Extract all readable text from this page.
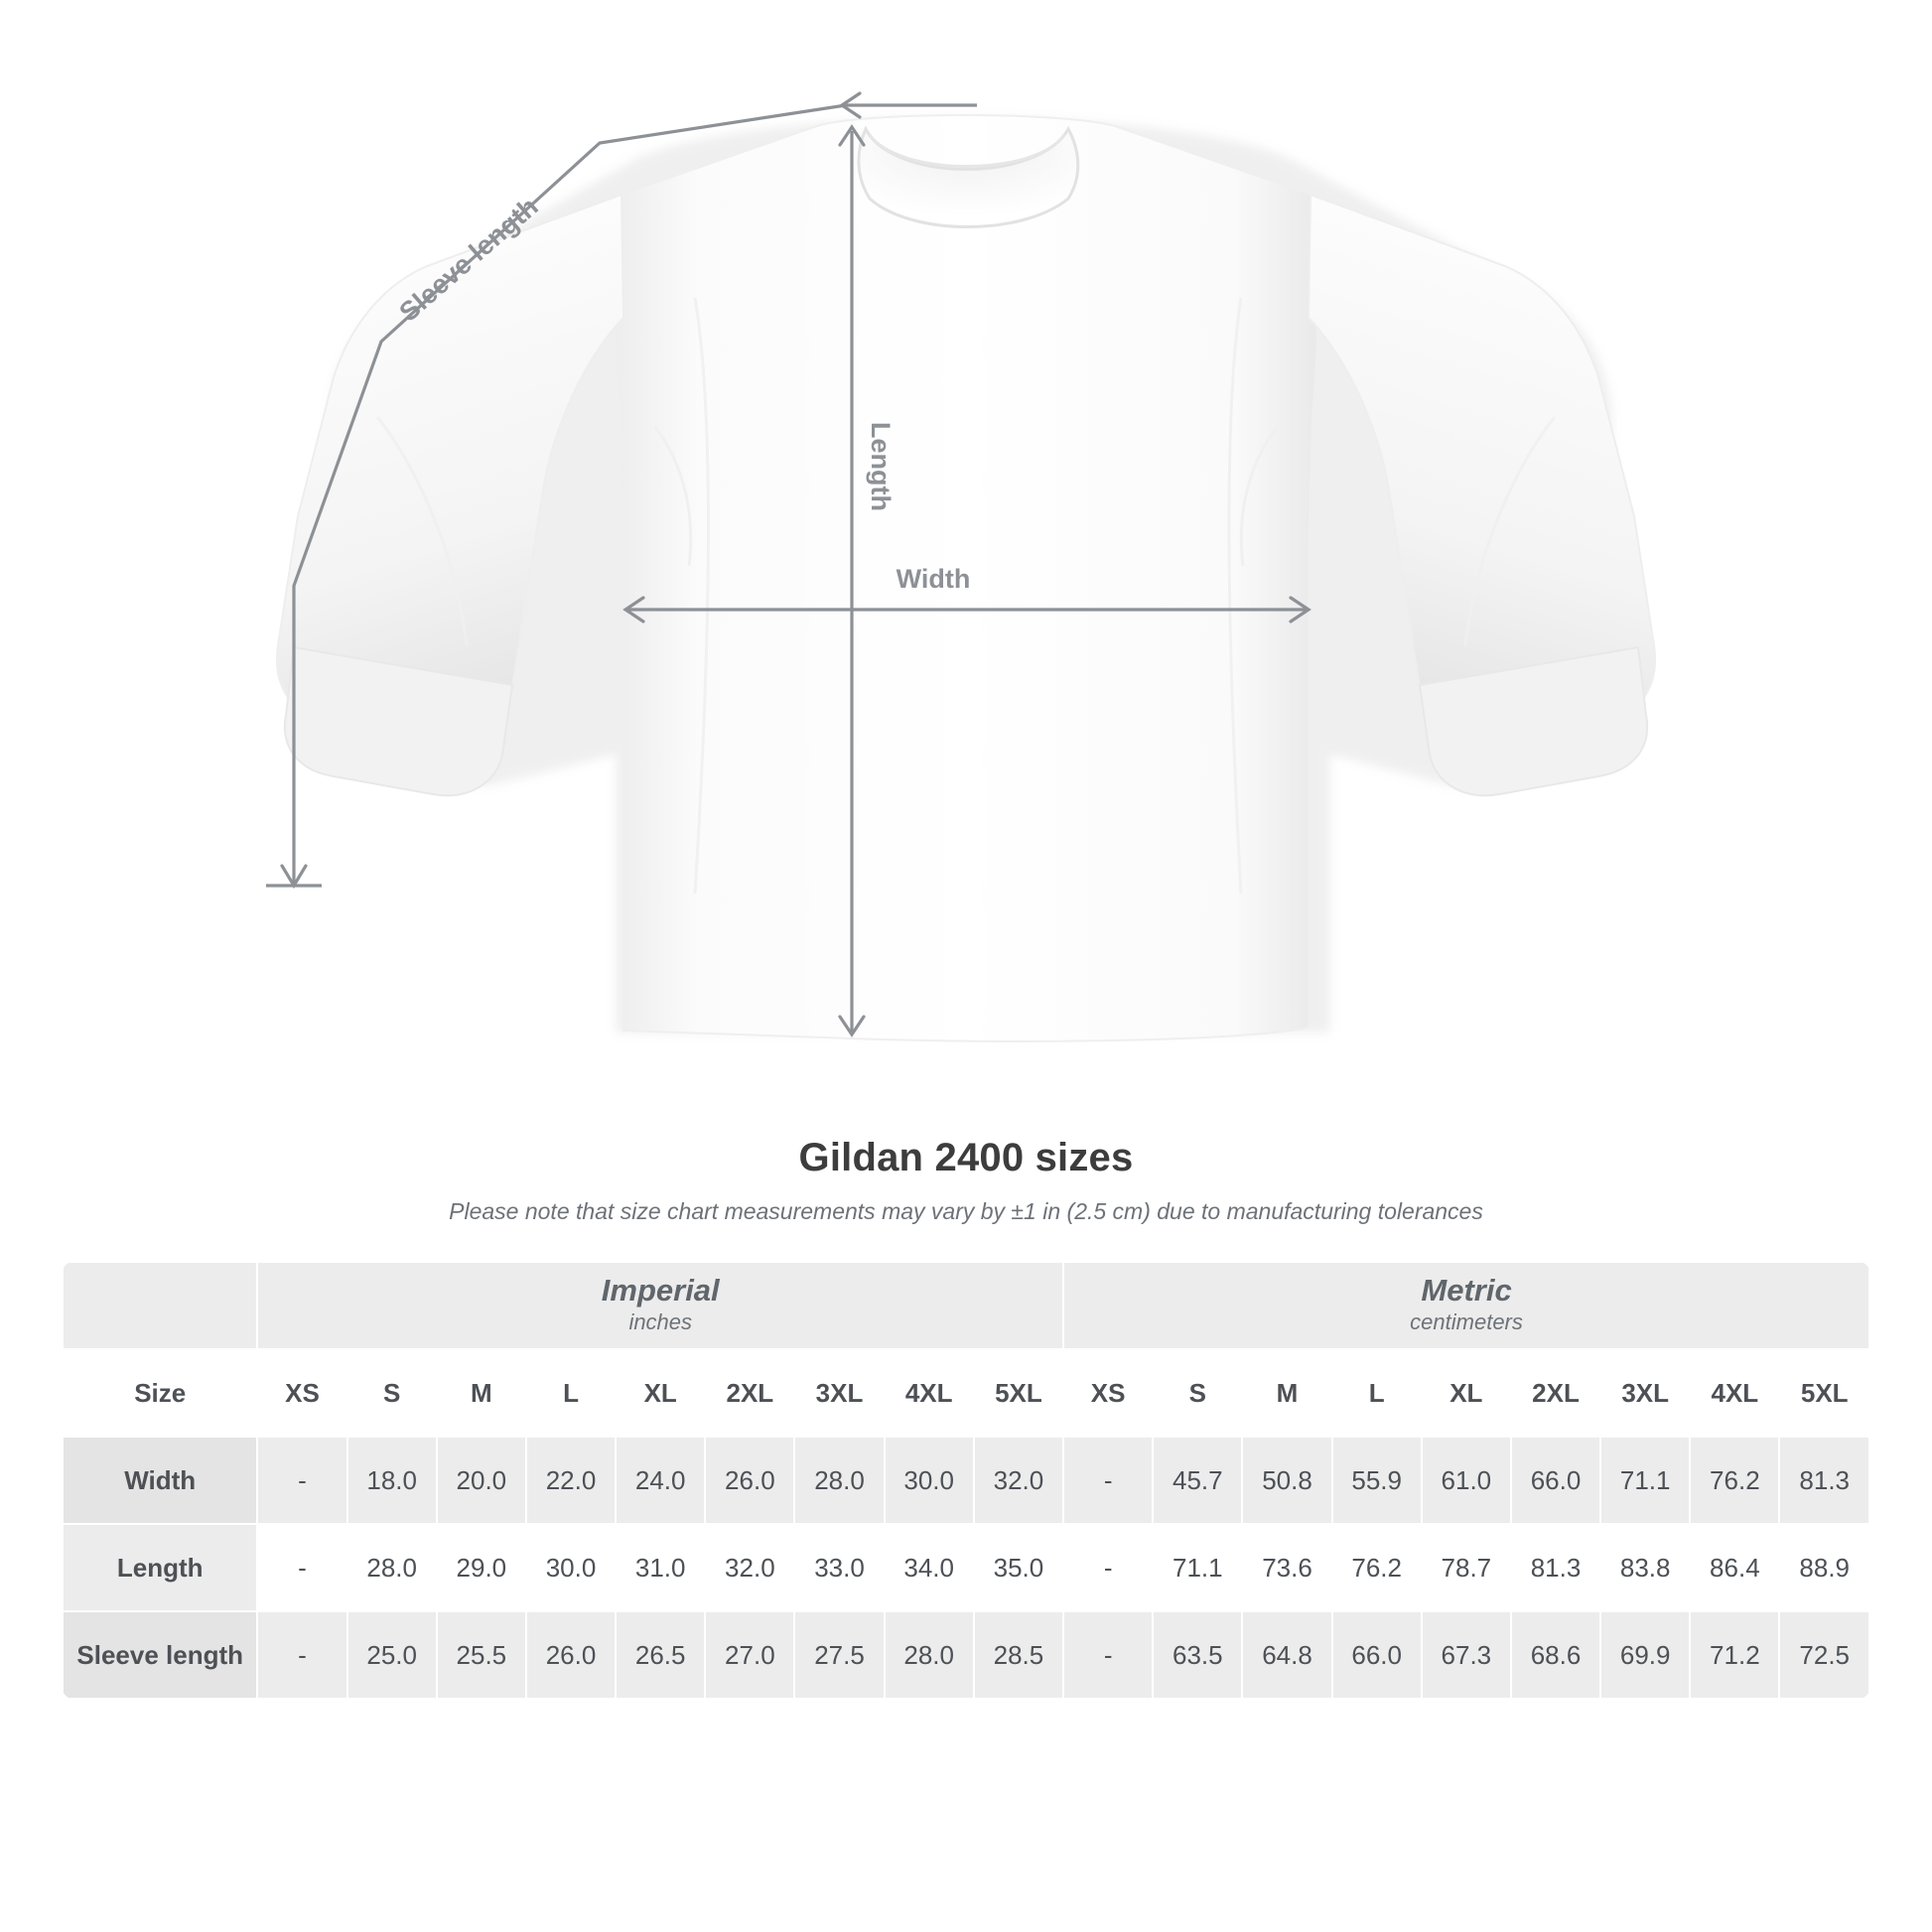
Length
Width
Sleeve length
Gildan 2400 sizes

Please note that size chart measurements may vary by ±1 in (2.5 cm) due to manufacturing tolerances

Imperial
inches

Metric
centimeters

Size	XS	S	M	L	XL	2XL	3XL	4XL	5XL	XS	S	M	L	XL	2XL	3XL	4XL	5XL
Width	-	18.0	20.0	22.0	24.0	26.0	28.0	30.0	32.0	-	45.7	50.8	55.9	61.0	66.0	71.1	76.2	81.3
Length	-	28.0	29.0	30.0	31.0	32.0	33.0	34.0	35.0	-	71.1	73.6	76.2	78.7	81.3	83.8	86.4	88.9
Sleeve length	-	25.0	25.5	26.0	26.5	27.0	27.5	28.0	28.5	-	63.5	64.8	66.0	67.3	68.6	69.9	71.2	72.5
